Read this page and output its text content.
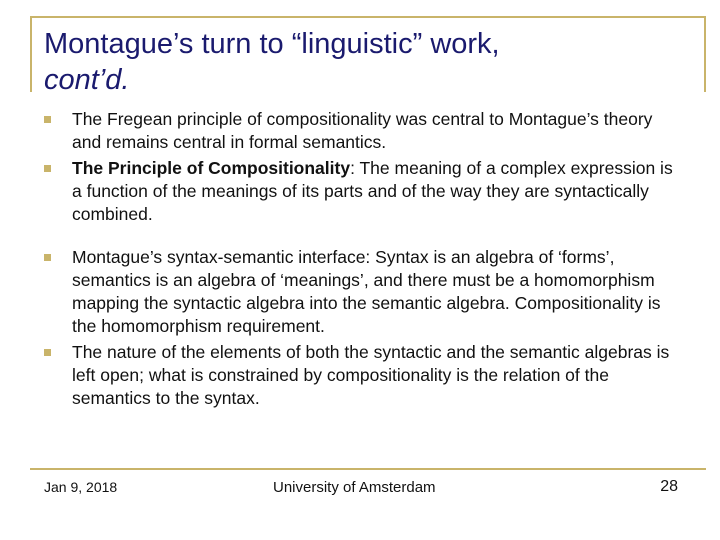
Montague’s turn to “linguistic” work,
cont’d.
The Fregean principle of compositionality was central to Montague’s theory and remains central in formal semantics.
The Principle of Compositionality: The meaning of a complex expression is a function of the meanings of its parts and of the way they are syntactically combined.
Montague’s syntax-semantic interface: Syntax is an algebra of ‘forms’, semantics is an algebra of ‘meanings’, and there must be a homomorphism mapping the syntactic algebra into the semantic algebra. Compositionality is the homomorphism requirement.
The nature of the elements of both the syntactic and the semantic algebras is left open; what is constrained by compositionality is the relation of the semantics to the syntax.
Jan 9, 2018	University of Amsterdam	28
